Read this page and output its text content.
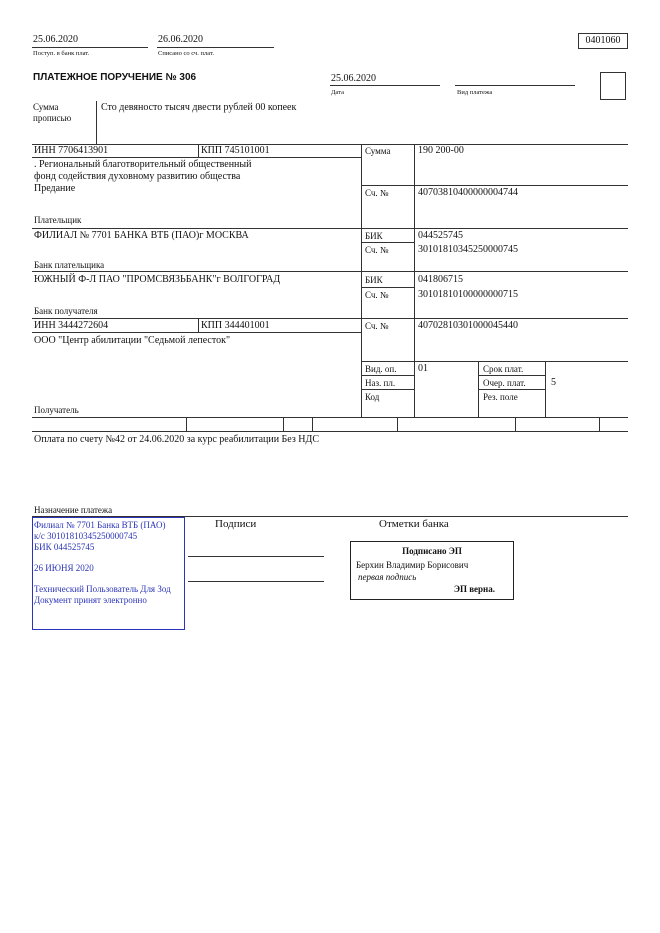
25.06.2020
Поступ. в банк плат.
26.06.2020
Списано со сч. плат.
0401060
ПЛАТЕЖНОЕ ПОРУЧЕНИЕ № 306	25.06.2020
Дата	Вид платежа
Сумма прописью
Сто девяносто тысяч двести рублей 00 копеек
ИНН 7706413901	КПП 745101001
. Региональный благотворительный общественный фонд содействия духовному развитию общества Предание
Плательщик
Сумма	190 200-00
Сч. №	40703810400000004744
ФИЛИАЛ № 7701 БАНКА ВТБ (ПАО)г МОСКВА
Банк плательщика
БИК	044525745
Сч. №	30101810345250000745
ЮЖНЫЙ Ф-Л ПАО "ПРОМСВЯЗЬБАНК"г ВОЛГОГРАД
Банк получателя
БИК	041806715
Сч. №	30101810100000000715
ИНН 3444272604	КПП 344401001	Сч. №	40702810301000045440
ООО "Центр абилитации "Седьмой лепесток"
Получатель
Вид. оп. 01
Наз. пл.
Код
Срок плат.
Очер. плат.	5
Рез. поле
Оплата по счету №42 от 24.06.2020 за курс реабилитации Без НДС
Назначение платежа
Подписи	Отметки банка
Филиал № 7701 Банка ВТБ (ПАО)
к/с 30101810345250000745
БИК 044525745
26 ИЮНЯ 2020
Технический Пользователь Для Зод
Документ принят электронно
Подписано ЭП
Берхин Владимир Борисович
первая подпись
ЭП верна.
